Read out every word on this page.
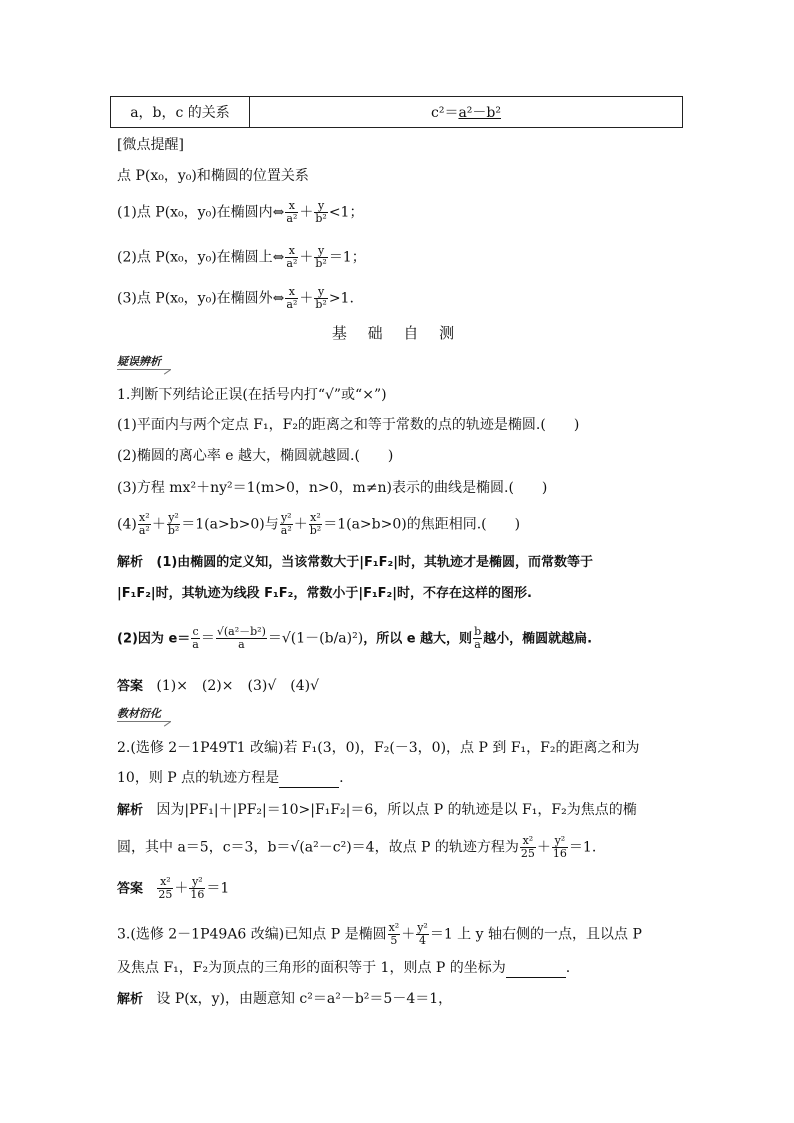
a，b，c 的关系	c²＝ a²－b²
[微点提醒]
点 P(x₀，y₀)和椭圆的位置关系
(1)点 P(x₀，y₀)在椭圆内⇔ $\frac{x}{\text{a²}} + \frac{y}{\text{b²}} <1$；
(2)点 P(x₀，y₀)在椭圆上⇔ $\frac{x}{\text{a²}} + \frac{y}{\text{b²}} =1$；
(3)点 P(x₀，y₀)在椭圆外⇔ $\frac{x}{\text{a²}} + \frac{y}{\text{b²}} >1$.
基 础 自 测
疑误辨析
1.判断下列结论正误(在括号内打“√”或“×”)
(1)平面内与两个定点 F₁，F₂的距离之和等于常数的点的轨迹是椭圆.(　　)
(2)椭圆的离心率 e 越大，椭圆就越圆.(　　)
(3)方程 mx²＋ny²＝1(m>0，n>0，m≠n)表示的曲线是椭圆.(　　)
$(4) \frac{\text{x²}}{\text{a²}} + \frac{\text{y²}}{\text{b²}} =1(a>b>0)$与 $\frac{\text{y²}}{\text{a²}} + \frac{\text{x²}}{\text{b²}} =1(a>b>0)$的焦距相同.(　　)
解析 (1)由椭圆的定义知，当该常数大于|F₁F₂|时，其轨迹才是椭圆，而常数等于
|F₁F₂|时，其轨迹为线段 F₁F₂，常数小于|F₁F₂|时，不存在这样的图形.
(2)因为 $e= \frac{c}{a} = \frac{\text{√(a²－b²)}}{a} =√(1-(b/a)^2)$，所以 e 越大，则 $\frac{b}{a}$ 越小，椭圆就越扁.
答案 (1)×　(2)×　(3)√　(4)√
教材衍化
2.(选修 2－1P49T1 改编)若 F₁(3，0)，F₂(－3，0)，点 P 到 F₁，F₂的距离之和为
10，则 P 点的轨迹方程是	.
解析 因为|PF₁|＋|PF₂|＝10>|F₁F₂|＝6，所以点 P 的轨迹是以 F₁，F₂为焦点的椭
圆，其中 a＝5，c＝3，b＝√(a²－c²)＝4，故点 P 的轨迹方程为 $\frac{\text{x²}}{25} + \frac{\text{y²}}{16} =1$.
答案 $\frac{\text{x²}}{25} + \frac{\text{y²}}{16} =1$
3.(选修 2－1P49A6 改编)已知点 P 是椭圆 $\frac{\text{x²}}{5} + \frac{\text{y²}}{4} =1$ 上 y 轴右侧的一点，且以点 P
及焦点 F₁，F₂为顶点的三角形的面积等于 1，则点 P 的坐标为	.
解析 设 P(x，y)，由题意知 c²＝a²－b²＝5－4＝1，
